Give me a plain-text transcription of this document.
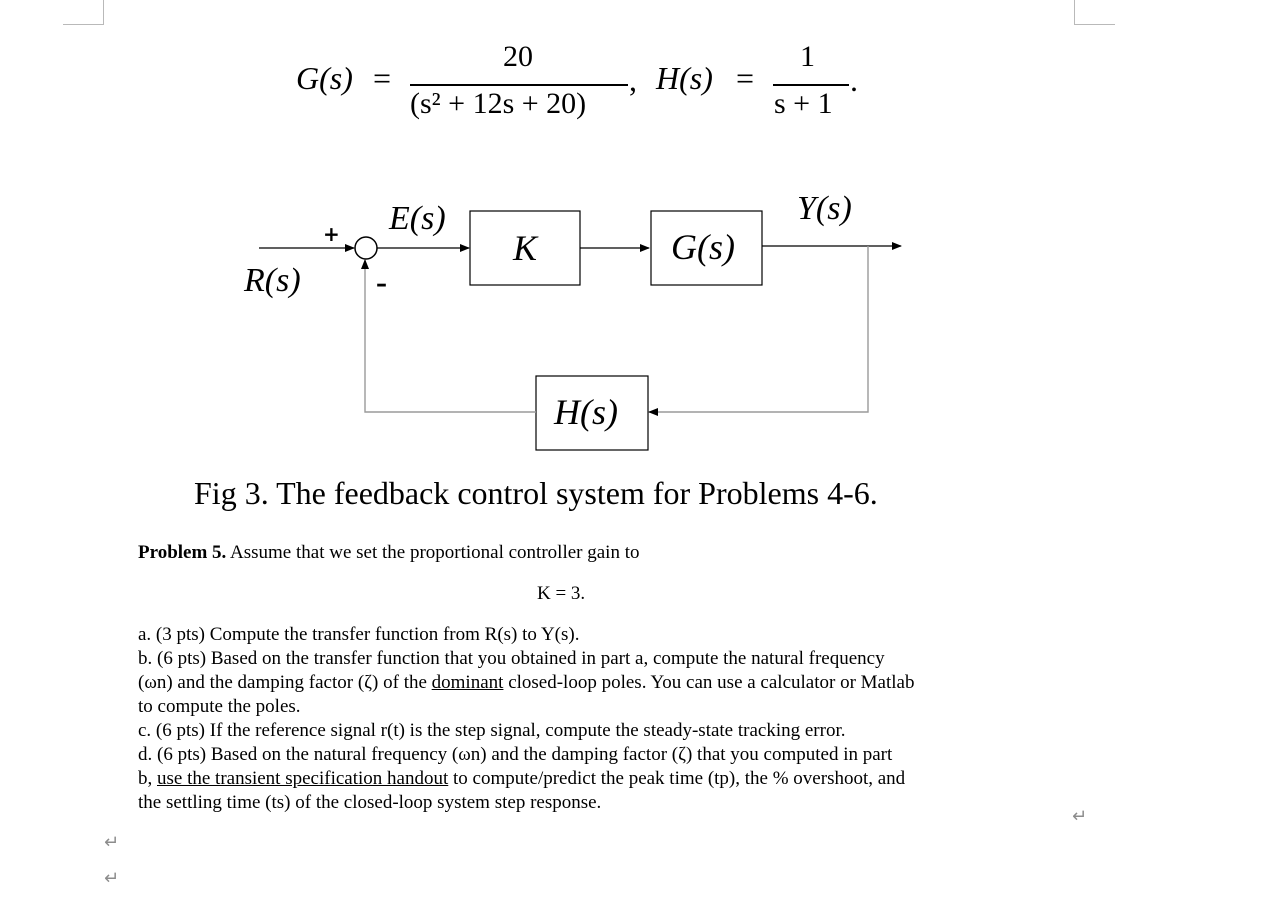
G(s) =
20
(s² + 12s + 20)
, H(s) =
1
s + 1
.
E(s)	Y(s)
R(s)
+
–
K	G(s)
H(s)
Fig 3. The feedback control system for Problems 4-6.
Problem 5. Assume that we set the proportional controller gain to
K = 3.
a. (3 pts) Compute the transfer function from R(s) to Y(s).
b. (6 pts) Based on the transfer function that you obtained in part a, compute the natural frequency
(ωn) and the damping factor (ζ) of the dominant closed-loop poles. You can use a calculator or Matlab
to compute the poles.
c. (6 pts) If the reference signal r(t) is the step signal, compute the steady-state tracking error.
d. (6 pts) Based on the natural frequency (ωn) and the damping factor (ζ) that you computed in part
b, use the transient specification handout to compute/predict the peak time (tp), the % overshoot, and
the settling time (ts) of the closed-loop system step response.
↵
↵
↵
